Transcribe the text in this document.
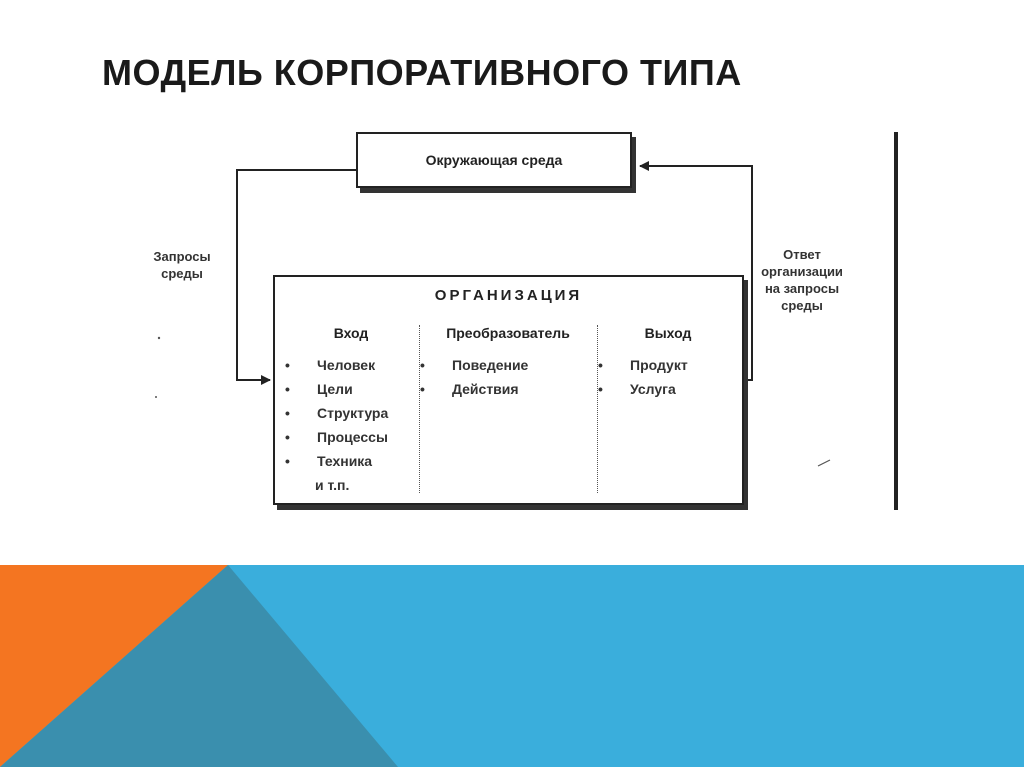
МОДЕЛЬ КОРПОРАТИВНОГО ТИПА
Окружающая среда
Запросы
среды
Ответ
организации
на запросы
среды
ОРГАНИЗАЦИЯ
Вход
• Человек
• Цели
• Структура
• Процессы
• Техника
и т.п.
Преобразователь
• Поведение
• Действия
Выход
• Продукт
• Услуга
